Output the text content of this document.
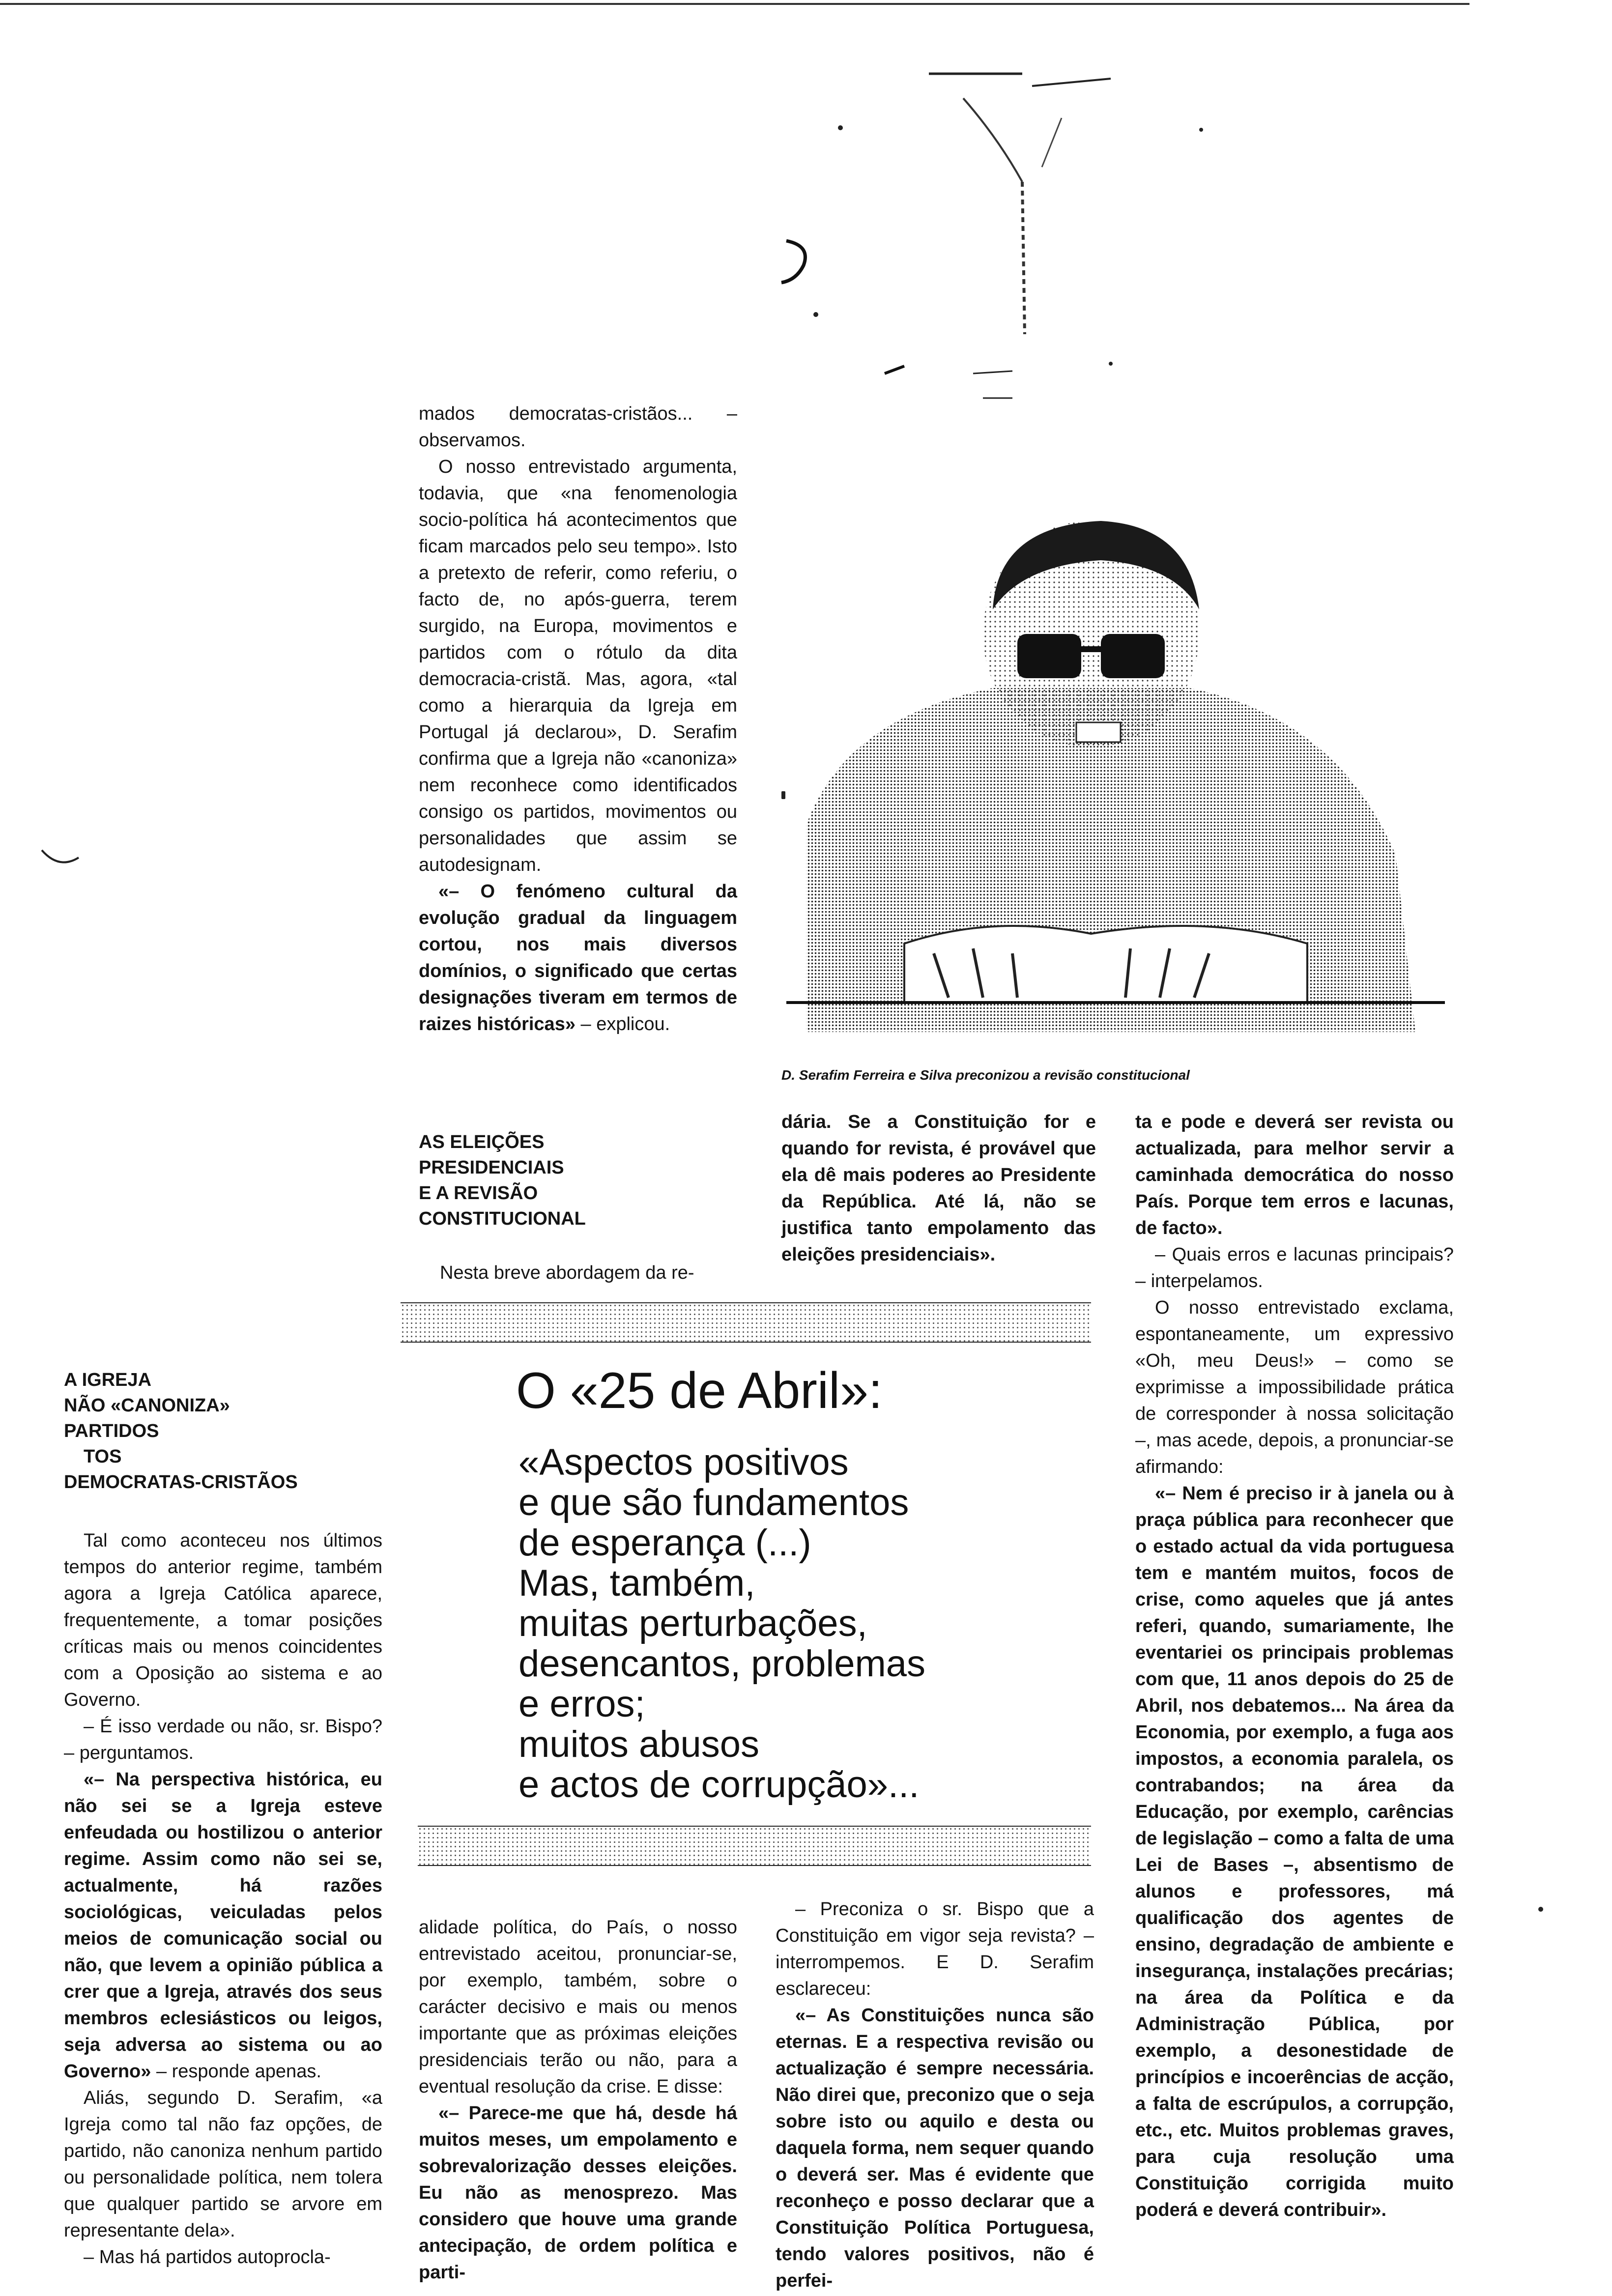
D. Serafim Ferreira e Silva preconizou a revisão constitucional

mados democratas-cristãos... – observamos.

O nosso entrevistado argumenta, todavia, que «na fenomenologia socio-política há acontecimentos que ficam marcados pelo seu tempo». Isto a pretexto de referir, como referiu, o facto de, no após-guerra, terem surgido, na Europa, movimentos e partidos com o rótulo da dita democracia-cristã. Mas, agora, «tal como a hierarquia da Igreja em Portugal já declarou», D. Serafim confirma que a Igreja não «canoniza» nem reconhece como identificados consigo os partidos, movimentos ou personalidades que assim se autodesignam.

«– O fenómeno cultural da evolução gradual da linguagem cortou, nos mais diversos domínios, o significado que certas designações tiveram em termos de raizes históricas» – explicou.

AS ELEIÇÕES
PRESIDENCIAIS
E A REVISÃO
CONSTITUCIONAL

Nesta breve abordagem da re-

dária. Se a Constituição for e quando for revista, é provável que ela dê mais poderes ao Presidente da República. Até lá, não se justifica tanto empolamento das eleições presidenciais».

ta e pode e deverá ser revista ou actualizada, para melhor servir a caminhada democrática do nosso País. Porque tem erros e lacunas, de facto».

– Quais erros e lacunas principais? – interpelamos.

O nosso entrevistado exclama, espontaneamente, um expressivo «Oh, meu Deus!» – como se exprimisse a impossibilidade prática de corresponder à nossa solicitação –, mas acede, depois, a pronunciar-se afirmando:

«– Nem é preciso ir à janela ou à praça pública para reconhecer que o estado actual da vida portuguesa tem e mantém muitos, focos de crise, como aqueles que já antes referi, quando, sumariamente, lhe eventariei os principais problemas com que, 11 anos depois do 25 de Abril, nos debatemos... Na área da Economia, por exemplo, a fuga aos impostos, a economia paralela, os contrabandos; na área da Educação, por exemplo, carências de legislação – como a falta de uma Lei de Bases –, absentismo de alunos e professores, má qualificação dos agentes de ensino, degradação de ambiente e insegurança, instalações precárias; na área da Política e da Administração Pública, por exemplo, a desonestidade de princípios e incoerências de acção, a falta de escrúpulos, a corrupção, etc., etc. Muitos problemas graves, para cuja resolução uma Constituição corrigida muito poderá e deverá contribuir».

O «25 de Abril»:
«Aspectos positivos
e que são fundamentos
de esperança (...)
Mas, também,
muitas perturbações,
desencantos, problemas
e erros;
muitos abusos
e actos de corrupção»...
A IGREJA
NÃO «CANONIZA»
PARTIDOS
TOS
DEMOCRATAS-CRISTÃOS

Tal como aconteceu nos últimos tempos do anterior regime, também agora a Igreja Católica aparece, frequentemente, a tomar posições críticas mais ou menos coincidentes com a Oposição ao sistema e ao Governo.

– É isso verdade ou não, sr. Bispo? – perguntamos.

«– Na perspectiva histórica, eu não sei se a Igreja esteve enfeudada ou hostilizou o anterior regime. Assim como não sei se, actualmente, há razões sociológicas, veiculadas pelos meios de comunicação social ou não, que levem a opinião pública a crer que a Igreja, através dos seus membros eclesiásticos ou leigos, seja adversa ao sistema ou ao Governo» – responde apenas.

Aliás, segundo D. Serafim, «a Igreja como tal não faz opções, de partido, não canoniza nenhum partido ou personalidade política, nem tolera que qualquer partido se arvore em representante dela».

– Mas há partidos autoprocla-

alidade política, do País, o nosso entrevistado aceitou, pronunciar-se, por exemplo, também, sobre o carácter decisivo e mais ou menos importante que as próximas eleições presidenciais terão ou não, para a eventual resolução da crise. E disse:

«– Parece-me que há, desde há muitos meses, um empolamento e sobrevalorização desses eleições. Eu não as menosprezo. Mas considero que houve uma grande antecipação, de ordem política e parti-

– Preconiza o sr. Bispo que a Constituição em vigor seja revista? – interrompemos. E D. Serafim esclareceu:

«– As Constituições nunca são eternas. E a respectiva revisão ou actualização é sempre necessária. Não direi que, preconizo que o seja sobre isto ou aquilo e desta ou daquela forma, nem sequer quando o deverá ser. Mas é evidente que reconheço e posso declarar que a Constituição Política Portuguesa, tendo valores positivos, não é perfei-
